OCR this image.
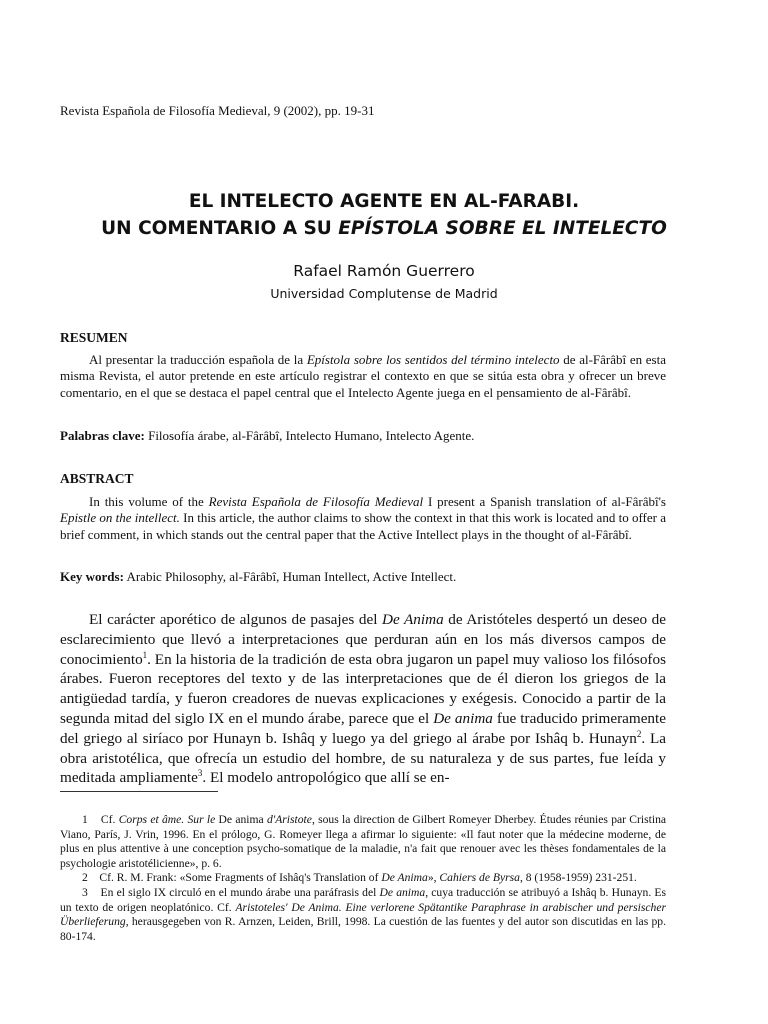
Revista Española de Filosofía Medieval, 9 (2002), pp. 19-31
EL INTELECTO AGENTE EN AL-FARABI.
UN COMENTARIO A SU EPÍSTOLA SOBRE EL INTELECTO
Rafael Ramón Guerrero
Universidad Complutense de Madrid
RESUMEN
Al presentar la traducción española de la Epístola sobre los sentidos del término intelecto de al-Fârâbî en esta misma Revista, el autor pretende en este artículo registrar el contexto en que se sitúa esta obra y ofrecer un breve comentario, en el que se destaca el papel central que el Intelecto Agente juega en el pensamiento de al-Fârâbî.
Palabras clave: Filosofía árabe, al-Fârâbî, Intelecto Humano, Intelecto Agente.
ABSTRACT
In this volume of the Revista Española de Filosofía Medieval I present a Spanish translation of al-Fârâbî's Epistle on the intellect. In this article, the author claims to show the context in that this work is located and to offer a brief comment, in which stands out the central paper that the Active Intellect plays in the thought of al-Fârâbî.
Key words: Arabic Philosophy, al-Fârâbî, Human Intellect, Active Intellect.
El carácter aporético de algunos de pasajes del De Anima de Aristóteles despertó un deseo de esclarecimiento que llevó a interpretaciones que perduran aún en los más diversos campos de conocimiento$^1$. En la historia de la tradición de esta obra jugaron un papel muy valioso los filósofos árabes. Fueron receptores del texto y de las interpretaciones que de él dieron los griegos de la antigüedad tardía, y fueron creadores de nuevas explicaciones y exégesis. Conocido a partir de la segunda mitad del siglo IX en el mundo árabe, parece que el De anima fue traducido primeramente del griego al siríaco por Hunayn b. Ishâq y luego ya del griego al árabe por Ishâq b. Hunayn$^2$. La obra aristotélica, que ofrecía un estudio del hombre, de su naturaleza y de sus partes, fue leída y meditada ampliamente$^3$. El modelo antropológico que allí se en-

1 Cf. Corps et âme. Sur le De anima d'Aristote, sous la direction de Gilbert Romeyer Dherbey. Études réunies par Cristina Viano, París, J. Vrin, 1996. En el prólogo, G. Romeyer llega a afirmar lo siguiente: «Il faut noter que la médecine moderne, de plus en plus attentive à une conception psycho-somatique de la maladie, n'a fait que renouer avec les thèses fondamentales de la psychologie aristotélicienne», p. 6.

2 Cf. R. M. Frank: «Some Fragments of Ishâq's Translation of De Anima», Cahiers de Byrsa, 8 (1958-1959) 231-251.

3 En el siglo IX circuló en el mundo árabe una paráfrasis del De anima, cuya traducción se atribuyó a Ishâq b. Hunayn. Es un texto de origen neoplatónico. Cf. Aristoteles' De Anima. Eine verlorene Spätantike Paraphrase in arabischer und persischer Überlieferung, herausgegeben von R. Arnzen, Leiden, Brill, 1998. La cuestión de las fuentes y del autor son discutidas en las pp. 80-174.
